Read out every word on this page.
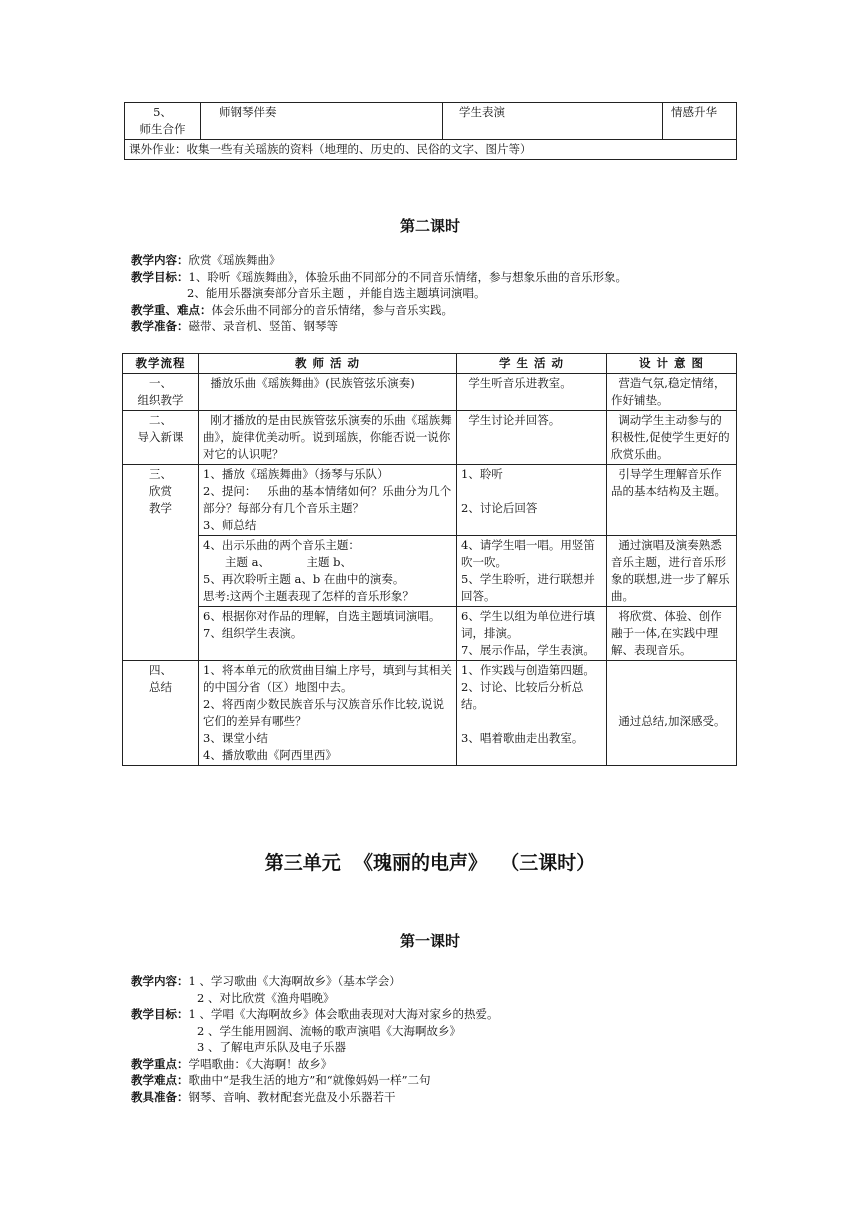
5、
师生合作	师钢琴伴奏	学生表演	情感升华
课外作业：收集一些有关瑶族的资料（地理的、历史的、民俗的文字、图片等）
第二课时
教学内容：欣赏《瑶族舞曲》
教学目标：1、聆听《瑶族舞曲》，体验乐曲不同部分的不同音乐情绪，参与想象乐曲的音乐形象。
2、能用乐器演奏部分音乐主题 ，并能自选主题填词演唱。
教学重、难点：体会乐曲不同部分的音乐情绪，参与音乐实践。
教学准备：磁带、录音机、竖笛、钢琴等
教学流程	教 师 活 动	学 生 活 动	设 计 意 图
一、
组织教学	播放乐曲《瑶族舞曲》(民族管弦乐演奏)	学生听音乐进教室。	营造气氛,稳定情绪，作好铺垫。
二、
导入新课	刚才播放的是由民族管弦乐演奏的乐曲《瑶族舞曲》，旋律优美动听。说到瑶族，你能否说一说你对它的认识呢？	学生讨论并回答。	调动学生主动参与的积极性,促使学生更好的欣赏乐曲。
三、
欣赏
教学	1、播放《瑶族舞曲》（扬琴与乐队）
2、提问：   乐曲的基本情绪如何？乐曲分为几个部分？每部分有几个音乐主题？
3、师总结	1、聆听

2、讨论后回答	引导学生理解音乐作品的基本结构及主题。
	4、出示乐曲的两个音乐主题：
主题 a、          主题 b、
5、再次聆听主题 a、b 在曲中的演奏。
思考:这两个主题表现了怎样的音乐形象？	4、请学生唱一唱。用竖笛吹一吹。
5、学生聆听，进行联想并回答。	通过演唱及演奏熟悉音乐主题，进行音乐形象的联想,进一步了解乐曲。
	6、根据你对作品的理解，自选主题填词演唱。
7、组织学生表演。	6、学生以组为单位进行填词，排演。
7、展示作品，学生表演。	将欣赏、体验、创作融于一体,在实践中理解、表现音乐。
四、
总结	1、将本单元的欣赏曲目编上序号，填到与其相关的中国分省（区）地图中去。
2、将西南少数民族音乐与汉族音乐作比较,说说它们的差异有哪些？
3、课堂小结
4、播放歌曲《阿西里西》	1、作实践与创造第四题。
2、讨论、比较后分析总结。

3、唱着歌曲走出教室。	

通过总结,加深感受。
第三单元  《瑰丽的电声》  （三课时）
第一课时
教学内容：1 、学习歌曲《大海啊故乡》（基本学会）
2 、对比欣赏《渔舟唱晚》
教学目标：1 、学唱《大海啊故乡》体会歌曲表现对大海对家乡的热爱。
2 、学生能用圆润、流畅的歌声演唱《大海啊故乡》
3 、了解电声乐队及电子乐器
教学重点：学唱歌曲：《大海啊！故乡》
教学难点：歌曲中“是我生活的地方”和“就像妈妈一样”二句
教具准备：钢琴、音响、教材配套光盘及小乐器若干
